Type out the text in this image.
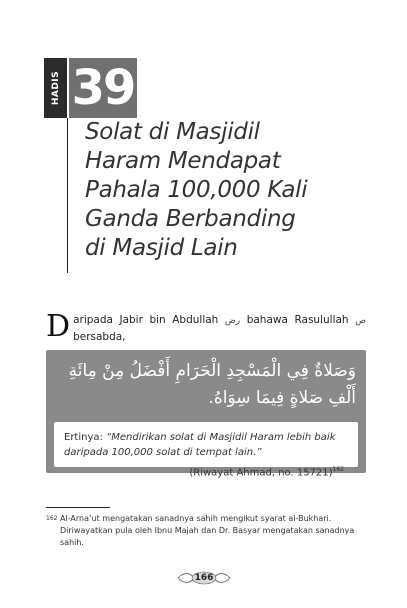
HADIS 39
Solat di Masjidil
Haram Mendapat
Pahala 100,000 Kali
Ganda Berbanding
di Masjid Lain
Daripada Jabir bin Abdullah رض bahawa Rasulullah ص bersabda,
وَصَلاةٌ فِي الْمَسْجِدِ الْحَرَامِ أَفْضَلُ مِنْ مِائَةِ أَلْفِ صَلاةٍ فِيمَا سِوَاهُ.
Ertinya: “Mendirikan solat di Masjidil Haram lebih baik daripada 100,000 solat di tempat lain.”
(Riwayat Ahmad, no. 15721)$^{162}$
162 Al-Arna’ut mengatakan sanadnya sahih mengikut syarat al-Bukhari. Diriwayatkan pula oleh Ibnu Majah dan Dr. Basyar mengatakan sanadnya sahih.
166
